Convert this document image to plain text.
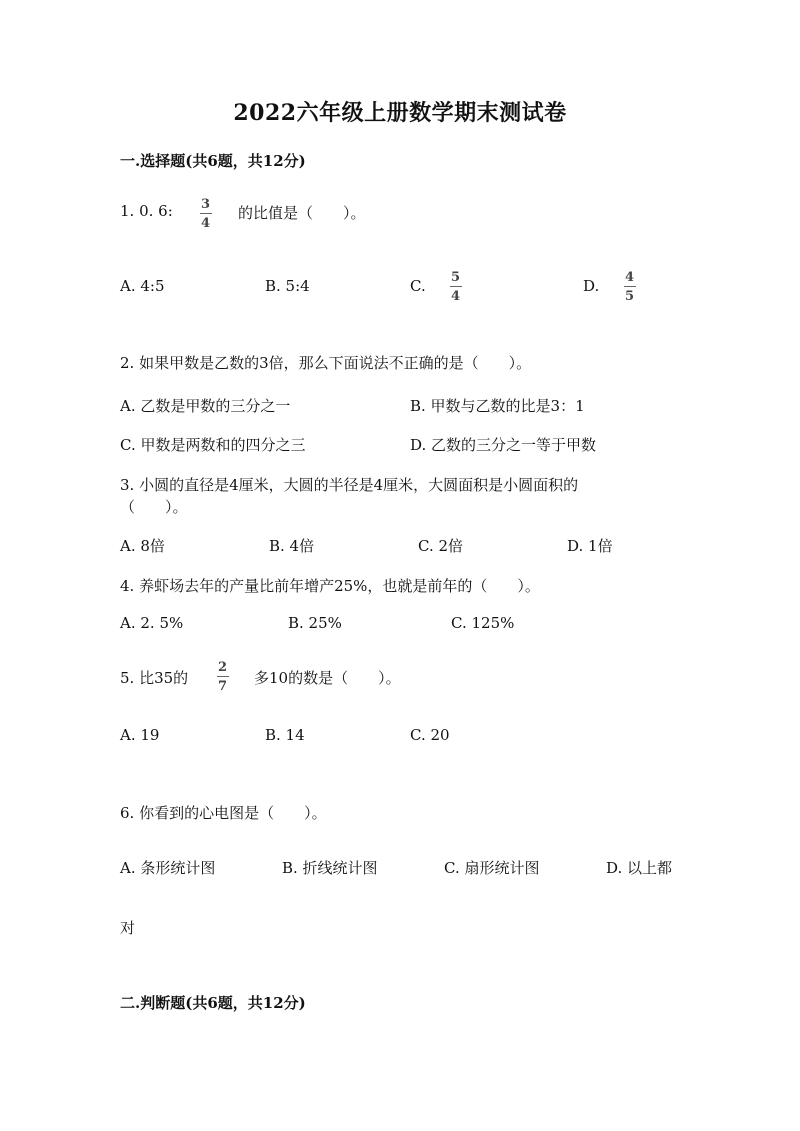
2022六年级上册数学期末测试卷
一.选择题(共6题，共12分)
1. 0. 6: 3
4
的比值是（　　）。
A. 4:5	B. 5:4	C. 5
4
D. 4
5
2. 如果甲数是乙数的3倍，那么下面说法不正确的是（　　）。
A. 乙数是甲数的三分之一	B. 甲数与乙数的比是3：1
C. 甲数是两数和的四分之三	D. 乙数的三分之一等于甲数
3. 小圆的直径是4厘米，大圆的半径是4厘米，大圆面积是小圆面积的
（　　）。
A. 8倍	B. 4倍	C. 2倍	D. 1倍
4. 养虾场去年的产量比前年增产25%，也就是前年的（　　）。
A. 2. 5%	B. 25%	C. 125%
5. 比35的
2
7 多10的数是（　　）。
A. 19	B. 14	C. 20
6. 你看到的心电图是（　　）。
A. 条形统计图	B. 折线统计图	C. 扇形统计图	D. 以上都
对
二.判断题(共6题，共12分)
